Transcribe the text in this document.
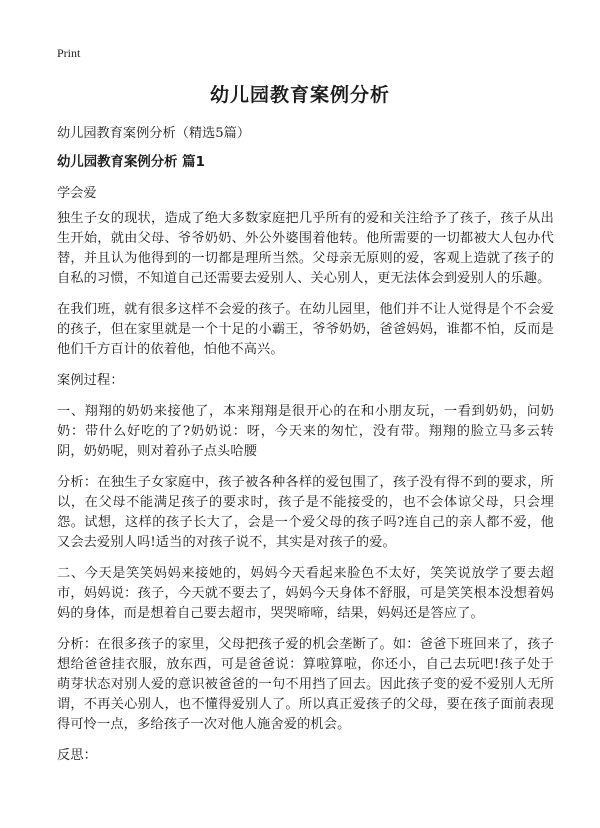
Print
幼儿园教育案例分析

幼儿园教育案例分析（精选5篇）

幼儿园教育案例分析 篇1

学会爱

独生子女的现状，造成了绝大多数家庭把几乎所有的爱和关注给予了孩子，孩子从出生开始，就由父母、爷爷奶奶、外公外婆围着他转。他所需要的一切都被大人包办代替，并且认为他得到的一切都是理所当然。父母亲无原则的爱，客观上造就了孩子的自私的习惯，不知道自己还需要去爱别人、关心别人，更无法体会到爱别人的乐趣。

在我们班，就有很多这样不会爱的孩子。在幼儿园里，他们并不让人觉得是个不会爱的孩子，但在家里就是一个十足的小霸王，爷爷奶奶，爸爸妈妈，谁都不怕，反而是他们千方百计的依着他，怕他不高兴。

案例过程：

一、翔翔的奶奶来接他了，本来翔翔是很开心的在和小朋友玩，一看到奶奶，问奶奶：带什么好吃的了?奶奶说：呀，今天来的匆忙，没有带。翔翔的脸立马多云转阴，奶奶呢，则对着孙子点头哈腰

分析：在独生子女家庭中，孩子被各种各样的爱包围了，孩子没有得不到的要求，所以，在父母不能满足孩子的要求时，孩子是不能接受的，也不会体谅父母，只会埋怨。试想，这样的孩子长大了，会是一个爱父母的孩子吗?连自己的亲人都不爱，他又会去爱别人吗!适当的对孩子说不，其实是对孩子的爱。

二、今天是笑笑妈妈来接她的，妈妈今天看起来脸色不太好，笑笑说放学了要去超市，妈妈说：孩子，今天就不要去了，妈妈今天身体不舒服，可是笑笑根本没想着妈妈的身体，而是想着自己要去超市，哭哭啼啼，结果，妈妈还是答应了。

分析：在很多孩子的家里，父母把孩子爱的机会垄断了。如：爸爸下班回来了，孩子想给爸爸挂衣服，放东西，可是爸爸说：算啦算啦，你还小，自己去玩吧!孩子处于萌芽状态对别人爱的意识被爸爸的一句不用挡了回去。因此孩子变的爱不爱别人无所谓，不再关心别人，也不懂得爱别人了。所以真正爱孩子的父母，要在孩子面前表现得可怜一点，多给孩子一次对他人施舍爱的机会。

反思：
